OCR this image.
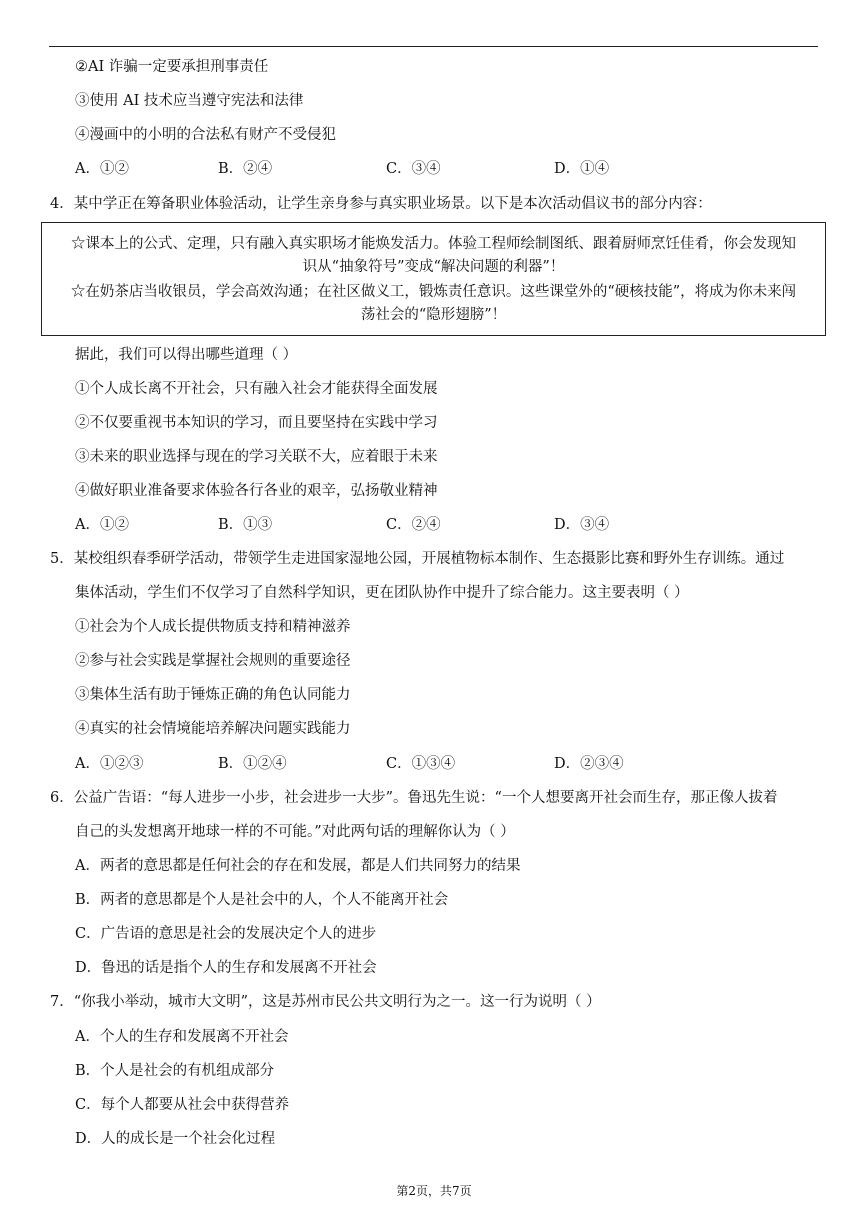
②AI 诈骗一定要承担刑事责任
③使用 AI 技术应当遵守宪法和法律
④漫画中的小明的合法私有财产不受侵犯
A．①②	B．②④	C．③④	D．①④
4．某中学正在筹备职业体验活动，让学生亲身参与真实职业场景。以下是本次活动倡议书的部分内容：
☆课本上的公式、定理，只有融入真实职场才能焕发活力。体验工程师绘制图纸、跟着厨师烹饪佳肴，你会发现知
识从“抽象符号”变成“解决问题的利器”！
☆在奶茶店当收银员，学会高效沟通；在社区做义工，锻炼责任意识。这些课堂外的“硬核技能”，将成为你未来闯
荡社会的“隐形翅膀”！
据此，我们可以得出哪些道理（ ）
①个人成长离不开社会，只有融入社会才能获得全面发展
②不仅要重视书本知识的学习，而且要坚持在实践中学习
③未来的职业选择与现在的学习关联不大，应着眼于未来
④做好职业准备要求体验各行各业的艰辛，弘扬敬业精神
A．①②	B．①③	C．②④	D．③④
5．某校组织春季研学活动，带领学生走进国家湿地公园，开展植物标本制作、生态摄影比赛和野外生存训练。通过
集体活动，学生们不仅学习了自然科学知识，更在团队协作中提升了综合能力。这主要表明（ ）
①社会为个人成长提供物质支持和精神滋养
②参与社会实践是掌握社会规则的重要途径
③集体生活有助于锤炼正确的角色认同能力
④真实的社会情境能培养解决问题实践能力
A．①②③	B．①②④	C．①③④	D．②③④
6．公益广告语：“每人进步一小步，社会进步一大步”。鲁迅先生说：“一个人想要离开社会而生存，那正像人拔着
自己的头发想离开地球一样的不可能。”对此两句话的理解你认为（ ）
A．两者的意思都是任何社会的存在和发展，都是人们共同努力的结果
B．两者的意思都是个人是社会中的人，个人不能离开社会
C．广告语的意思是社会的发展决定个人的进步
D．鲁迅的话是指个人的生存和发展离不开社会
7．“你我小举动，城市大文明”，这是苏州市民公共文明行为之一。这一行为说明（ ）
A．个人的生存和发展离不开社会
B．个人是社会的有机组成部分
C．每个人都要从社会中获得营养
D．人的成长是一个社会化过程
第2页，共7页
